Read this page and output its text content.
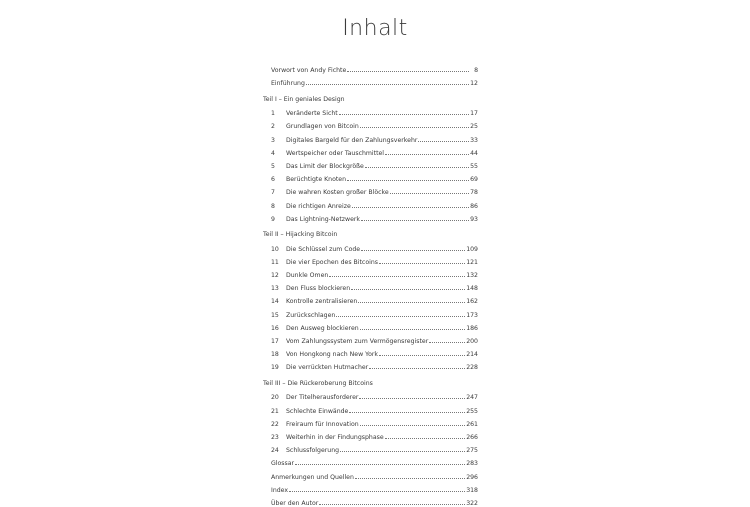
Inhalt
Vorwort von Andy Fichte	8
Einführung	12
Teil I – Ein geniales Design
1	Veränderte Sicht	17
2	Grundlagen von Bitcoin	25
3	Digitales Bargeld für den Zahlungsverkehr	33
4	Wertspeicher oder Tauschmittel	44
5	Das Limit der Blockgröße	55
6	Berüchtigte Knoten	69
7	Die wahren Kosten großer Blöcke	78
8	Die richtigen Anreize	86
9	Das Lightning-Netzwerk	93
Teil II – Hijacking Bitcoin
10	Die Schlüssel zum Code	109
11	Die vier Epochen des Bitcoins	121
12	Dunkle Omen	132
13	Den Fluss blockieren	148
14	Kontrolle zentralisieren	162
15	Zurückschlagen	173
16	Den Ausweg blockieren	186
17	Vom Zahlungssystem zum Vermögensregister	200
18	Von Hongkong nach New York	214
19	Die verrückten Hutmacher	228
Teil III – Die Rückeroberung Bitcoins
20	Der Titelherausforderer	247
21	Schlechte Einwände	255
22	Freiraum für Innovation	261
23	Weiterhin in der Findungsphase	266
24	Schlussfolgerung	275
Glossar	283
Anmerkungen und Quellen	296
Index	318
Über den Autor	322
